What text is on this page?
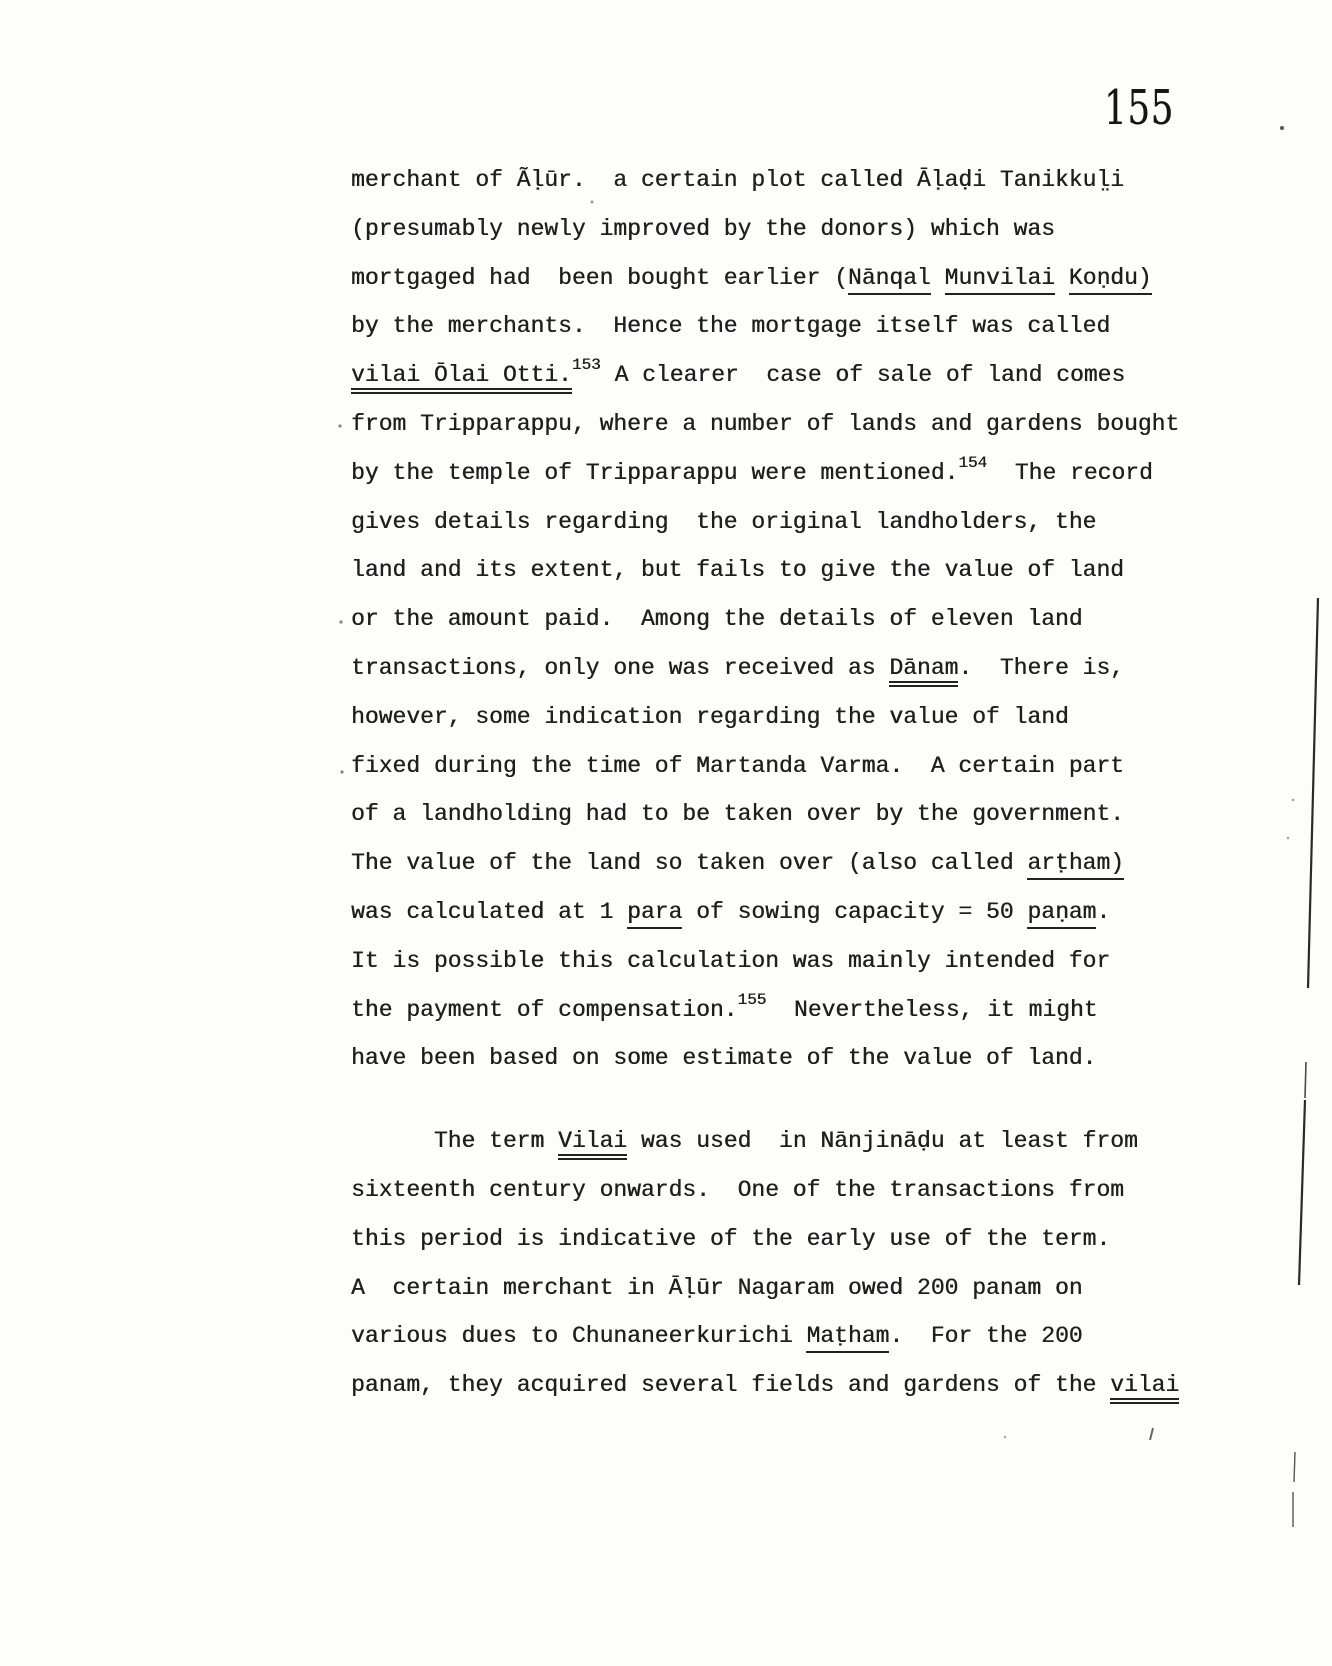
155
merchant of Ãḷūr.  a certain plot called Āḷaḍi Tanikkul̤i
(presumably newly improved by the donors) which was
mortgaged had  been bought earlier (Nānqal Munvilai Koṇdu)
by the merchants.  Hence the mortgage itself was called
vilai Ōlai Otti.$^{153}$ A clearer  case of sale of land comes
from Tripparappu, where a number of lands and gardens bought
by the temple of Tripparappu were mentioned.$^{154}$  The record
gives details regarding  the original landholders, the
land and its extent, but fails to give the value of land
or the amount paid.  Among the details of eleven land
transactions, only one was received as Dānam.  There is,
however, some indication regarding the value of land
fixed during the time of Martanda Varma.  A certain part
of a landholding had to be taken over by the government.
The value of the land so taken over (also called arṭham)
was calculated at 1 para of sowing capacity = 50 paṇam.
It is possible this calculation was mainly intended for
the payment of compensation.$^{155}$  Nevertheless, it might
have been based on some estimate of the value of land.
The term Vilai was used  in Nānjināḍu at least from
sixteenth century onwards.  One of the transactions from
this period is indicative of the early use of the term.
A  certain merchant in Āḷūr Nagaram owed 200 panam on
various dues to Chunaneerkurichi Maṭham.  For the 200
panam, they acquired several fields and gardens of the vilai
